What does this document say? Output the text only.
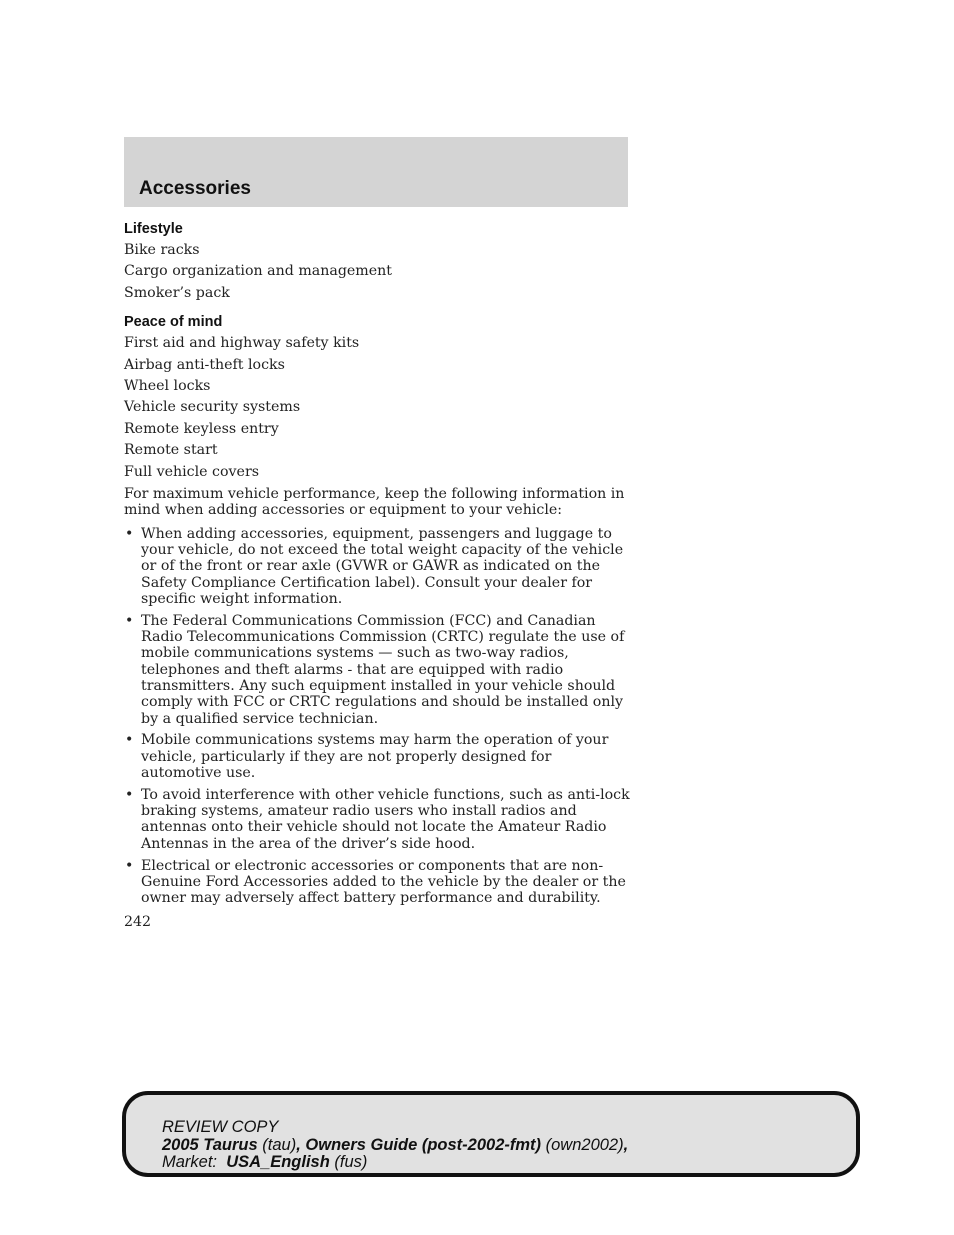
Accessories
Lifestyle
Bike racks
Cargo organization and management
Smoker’s pack
Peace of mind
First aid and highway safety kits
Airbag anti-theft locks
Wheel locks
Vehicle security systems
Remote keyless entry
Remote start
Full vehicle covers
For maximum vehicle performance, keep the following information in mind when adding accessories or equipment to your vehicle:
• When adding accessories, equipment, passengers and luggage to your vehicle, do not exceed the total weight capacity of the vehicle or of the front or rear axle (GVWR or GAWR as indicated on the Safety Compliance Certification label). Consult your dealer for specific weight information.
• The Federal Communications Commission (FCC) and Canadian Radio Telecommunications Commission (CRTC) regulate the use of mobile communications systems — such as two-way radios, telephones and theft alarms - that are equipped with radio transmitters. Any such equipment installed in your vehicle should comply with FCC or CRTC regulations and should be installed only by a qualified service technician.
• Mobile communications systems may harm the operation of your vehicle, particularly if they are not properly designed for automotive use.
• To avoid interference with other vehicle functions, such as anti-lock braking systems, amateur radio users who install radios and antennas onto their vehicle should not locate the Amateur Radio Antennas in the area of the driver’s side hood.
• Electrical or electronic accessories or components that are non-Genuine Ford Accessories added to the vehicle by the dealer or the owner may adversely affect battery performance and durability.
242
REVIEW COPY
2005 Taurus (tau), Owners Guide (post-2002-fmt) (own2002),
Market: USA_English (fus)
